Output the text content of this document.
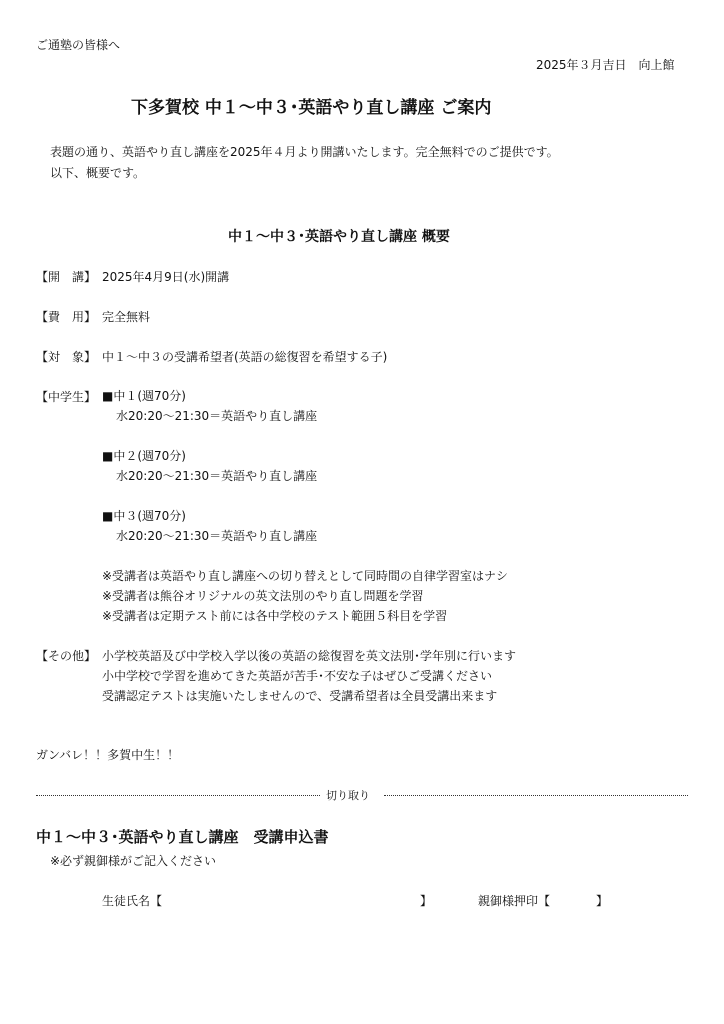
ご通塾の皆様へ
2025年３月吉日　向上館
下多賀校 中１～中３･英語やり直し講座 ご案内
表題の通り、英語やり直し講座を2025年４月より開講いたします。完全無料でのご提供です。
以下、概要です。
中１～中３･英語やり直し講座 概要
【開　講】 2025年4月9日(水)開講
【費　用】 完全無料
【対　象】 中１～中３の受講希望者(英語の総復習を希望する子)
【中学生】 ■中１(週70分)
水20:20～21:30＝英語やり直し講座
■中２(週70分)
水20:20～21:30＝英語やり直し講座
■中３(週70分)
水20:20～21:30＝英語やり直し講座
※受講者は英語やり直し講座への切り替えとして同時間の自律学習室はナシ
※受講者は熊谷オリジナルの英文法別のやり直し問題を学習
※受講者は定期テスト前には各中学校のテスト範囲５科目を学習
【その他】 小学校英語及び中学校入学以後の英語の総復習を英文法別･学年別に行います
小中学校で学習を進めてきた英語が苦手･不安な子はぜひご受講ください
受講認定テストは実施いたしませんので、受講希望者は全員受講出来ます
ガンバレ！！多賀中生！！
切り取り
中１～中３･英語やり直し講座　受講申込書
※必ず親御様がご記入ください
生徒氏名【	】	親御様押印【	】
